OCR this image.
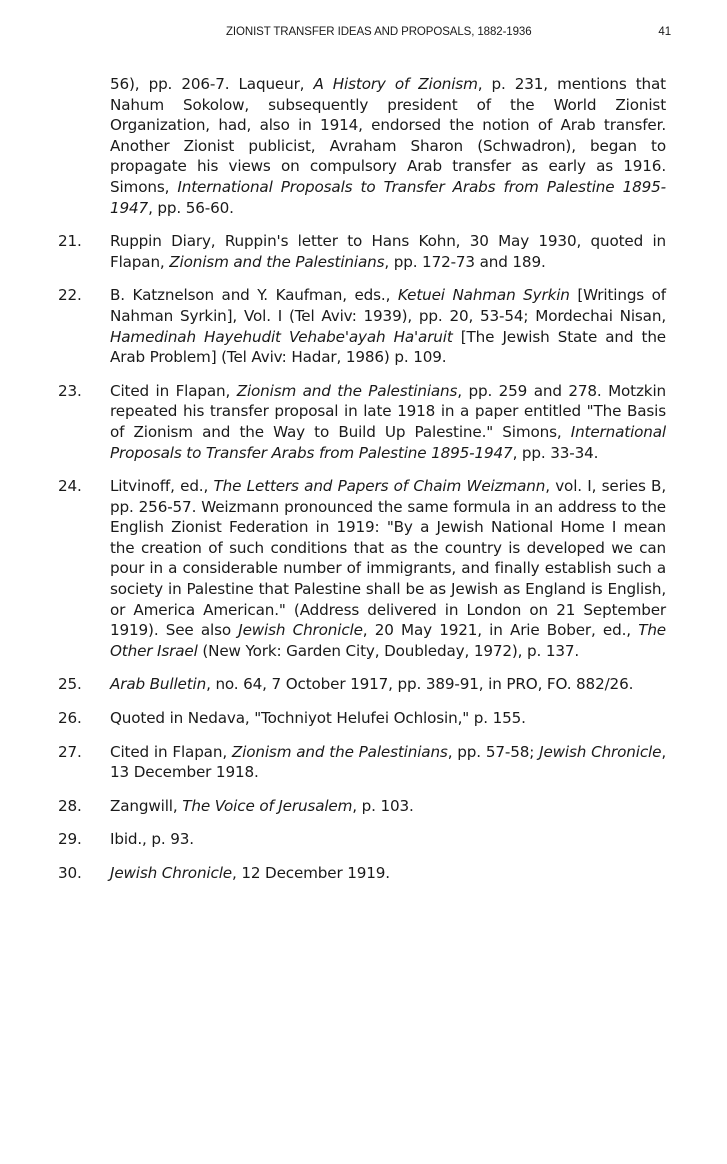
ZIONIST TRANSFER IDEAS AND PROPOSALS, 1882-1936	41
56), pp. 206-7. Laqueur, A History of Zionism, p. 231, mentions that Nahum Sokolow, subsequently president of the World Zionist Organization, had, also in 1914, endorsed the notion of Arab transfer. Another Zionist publicist, Avraham Sharon (Schwadron), began to propagate his views on compulsory Arab transfer as early as 1916. Simons, International Proposals to Transfer Arabs from Palestine 1895-1947, pp. 56-60.
21.	Ruppin Diary, Ruppin's letter to Hans Kohn, 30 May 1930, quoted in Flapan, Zionism and the Palestinians, pp. 172-73 and 189.
22.	B. Katznelson and Y. Kaufman, eds., Ketuei Nahman Syrkin [Writings of Nahman Syrkin], Vol. I (Tel Aviv: 1939), pp. 20, 53-54; Mordechai Nisan, Hamedinah Hayehudit Vehabe'ayah Ha'aruit [The Jewish State and the Arab Problem] (Tel Aviv: Hadar, 1986) p. 109.
23.	Cited in Flapan, Zionism and the Palestinians, pp. 259 and 278. Motzkin repeated his transfer proposal in late 1918 in a paper entitled "The Basis of Zionism and the Way to Build Up Palestine." Simons, International Proposals to Transfer Arabs from Palestine 1895-1947, pp. 33-34.
24.	Litvinoff, ed., The Letters and Papers of Chaim Weizmann, vol. I, series B, pp. 256-57. Weizmann pronounced the same formula in an address to the English Zionist Federation in 1919: "By a Jewish National Home I mean the creation of such conditions that as the country is developed we can pour in a considerable number of immigrants, and finally establish such a society in Palestine that Palestine shall be as Jewish as England is English, or America American." (Address delivered in London on 21 September 1919). See also Jewish Chronicle, 20 May 1921, in Arie Bober, ed., The Other Israel (New York: Garden City, Doubleday, 1972), p. 137.
25.	Arab Bulletin, no. 64, 7 October 1917, pp. 389-91, in PRO, FO. 882/26.
26.	Quoted in Nedava, "Tochniyot Helufei Ochlosin," p. 155.
27.	Cited in Flapan, Zionism and the Palestinians, pp. 57-58; Jewish Chronicle, 13 December 1918.
28.	Zangwill, The Voice of Jerusalem, p. 103.
29.	Ibid., p. 93.
30.	Jewish Chronicle, 12 December 1919.
